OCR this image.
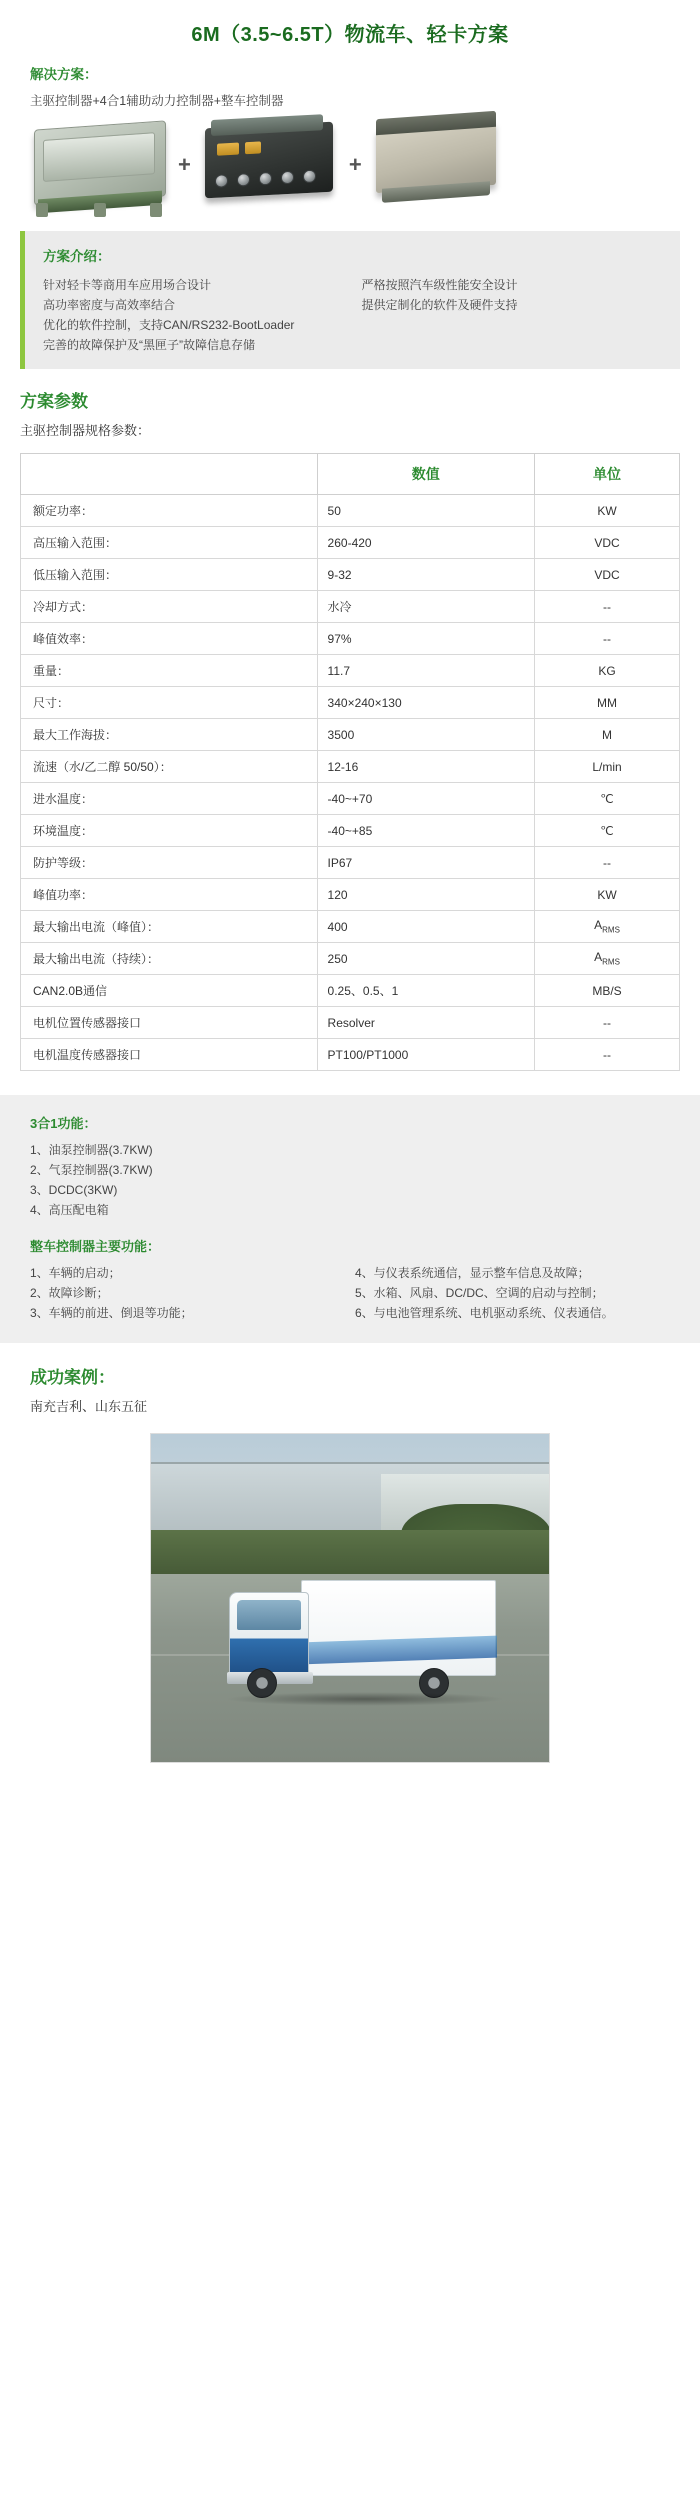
6M（3.5~6.5T）物流车、轻卡方案
解决方案：
主驱控制器+4合1辅助动力控制器+整车控制器
+	+
方案介绍：
针对轻卡等商用车应用场合设计
高功率密度与高效率结合
优化的软件控制，支持CAN/RS232-BootLoader
完善的故障保护及“黑匣子”故障信息存储
严格按照汽车级性能安全设计
提供定制化的软件及硬件支持
方案参数
主驱控制器规格参数：
	数值	单位
额定功率：	50	KW
高压输入范围：	260-420	VDC
低压输入范围：	9-32	VDC
冷却方式：	水冷	--
峰值效率：	97%	--
重量：	11.7	KG
尺寸：	340×240×130	MM
最大工作海拔：	3500	M
流速（水/乙二醇 50/50）：	12-16	L/min
进水温度：	-40~+70	℃
环境温度：	-40~+85	℃
防护等级：	IP67	--
峰值功率：	120	KW
最大输出电流（峰值）：	400	$A_{RMS}$
最大输出电流（持续）：	250	$A_{RMS}$
CAN2.0B通信	0.25、0.5、1	MB/S
电机位置传感器接口	Resolver	--
电机温度传感器接口	PT100/PT1000	--
3合1功能：
1、油泵控制器(3.7KW)
2、气泵控制器(3.7KW)
3、DCDC(3KW)
4、高压配电箱
整车控制器主要功能：
1、车辆的启动；
2、故障诊断；
3、车辆的前进、倒退等功能；
4、与仪表系统通信，显示整车信息及故障；
5、水箱、风扇、DC/DC、空调的启动与控制；
6、与电池管理系统、电机驱动系统、仪表通信。
成功案例：
南充吉利、山东五征
